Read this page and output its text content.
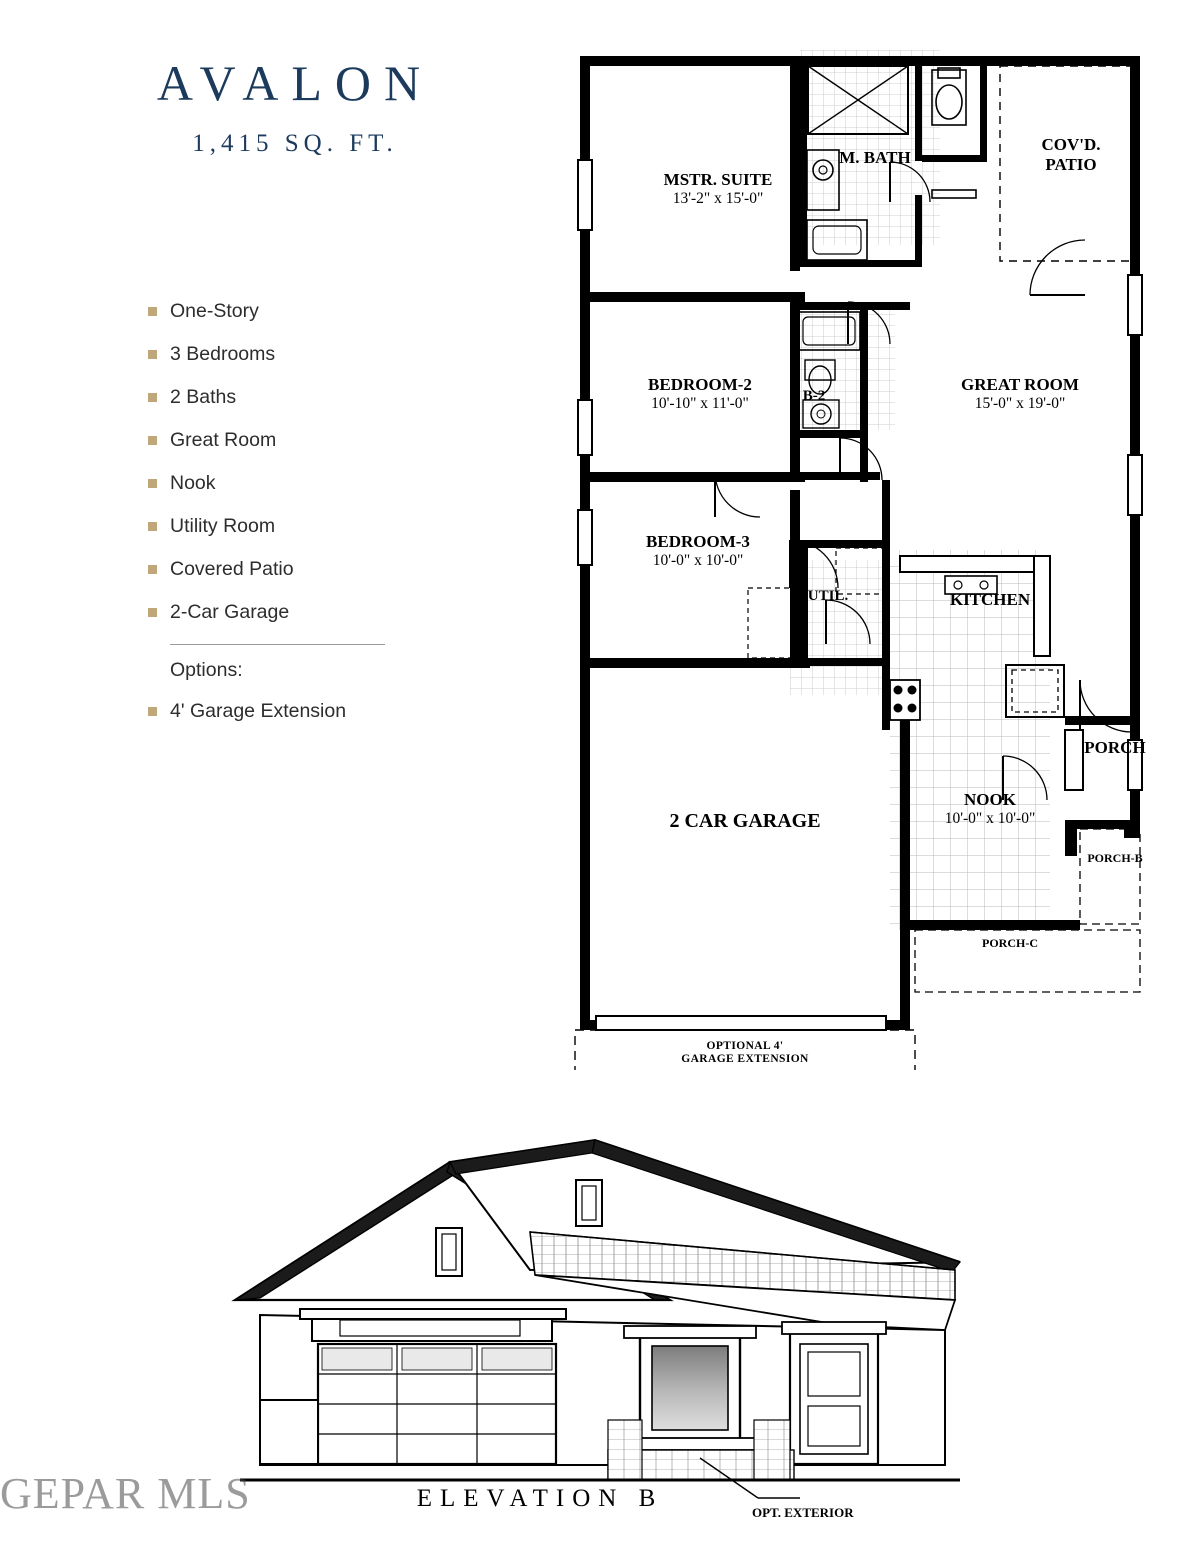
AVALON
1,415 SQ. FT.
One-Story
3 Bedrooms
2 Baths
Great Room
Nook
Utility Room
Covered Patio
2-Car Garage
Options:
4' Garage Extension
MSTR. SUITE
13'-2" x 15'-0"
M. BATH
COV'D.
PATIO
BEDROOM-2
10'-10" x 11'-0"
GREAT ROOM
15'-0" x 19'-0"
B-2
BEDROOM-3
10'-0" x 10'-0"
UTIL.	KITCHEN
2 CAR GARAGE
NOOK
10'-0" x 10'-0"
PORCH
PORCH-B
PORCH-C
OPTIONAL 4'
GARAGE EXTENSION
ELEVATION B
OPT. EXTERIOR
GEPAR MLS
